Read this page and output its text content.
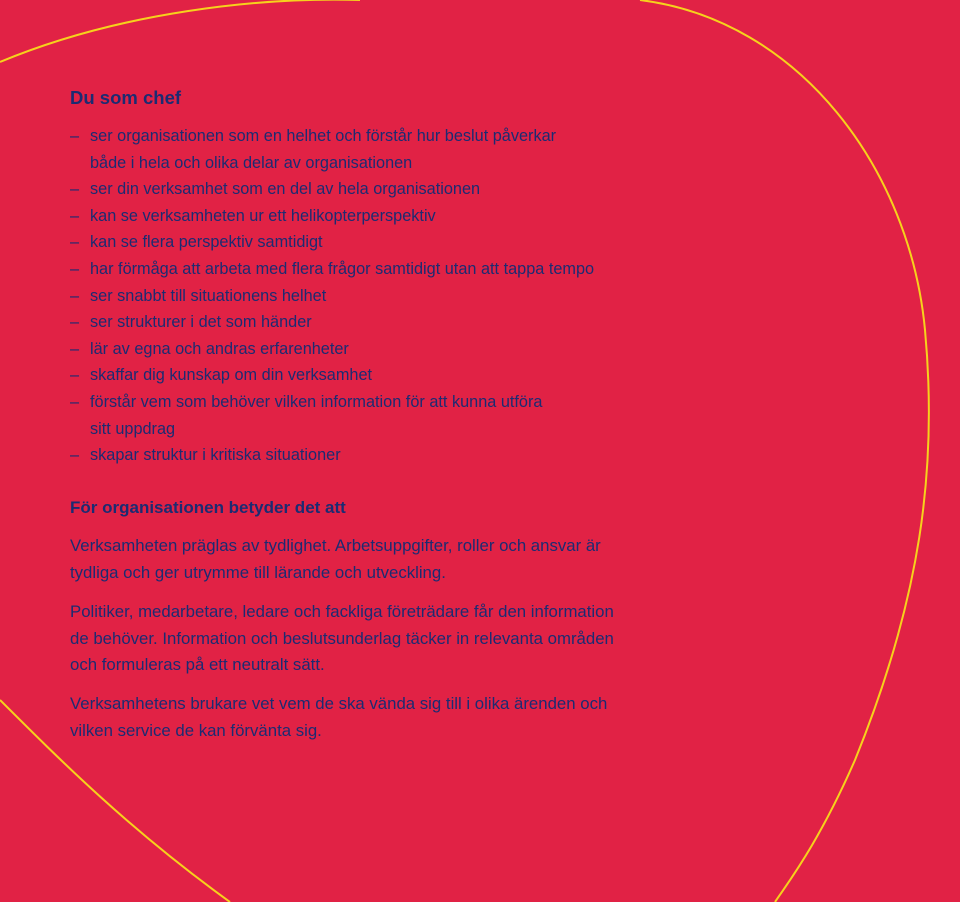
Du som chef
– ser organisationen som en helhet och förstår hur beslut påverkar
både i hela och olika delar av organisationen
– ser din verksamhet som en del av hela organisationen
– kan se verksamheten ur ett helikopterperspektiv
– kan se flera perspektiv samtidigt
– har förmåga att arbeta med flera frågor samtidigt utan att tappa tempo
– ser snabbt till situationens helhet
– ser strukturer i det som händer
– lär av egna och andras erfarenheter
– skaffar dig kunskap om din verksamhet
– förstår vem som behöver vilken information för att kunna utföra
sitt uppdrag
– skapar struktur i kritiska situationer
För organisationen betyder det att

Verksamheten präglas av tydlighet. Arbetsuppgifter, roller och ansvar är
tydliga och ger utrymme till lärande och utveckling.

Politiker, medarbetare, ledare och fackliga företrädare får den information
de behöver. Information och beslutsunderlag täcker in relevanta områden
och formuleras på ett neutralt sätt.

Verksamhetens brukare vet vem de ska vända sig till i olika ärenden och
vilken service de kan förvänta sig.
